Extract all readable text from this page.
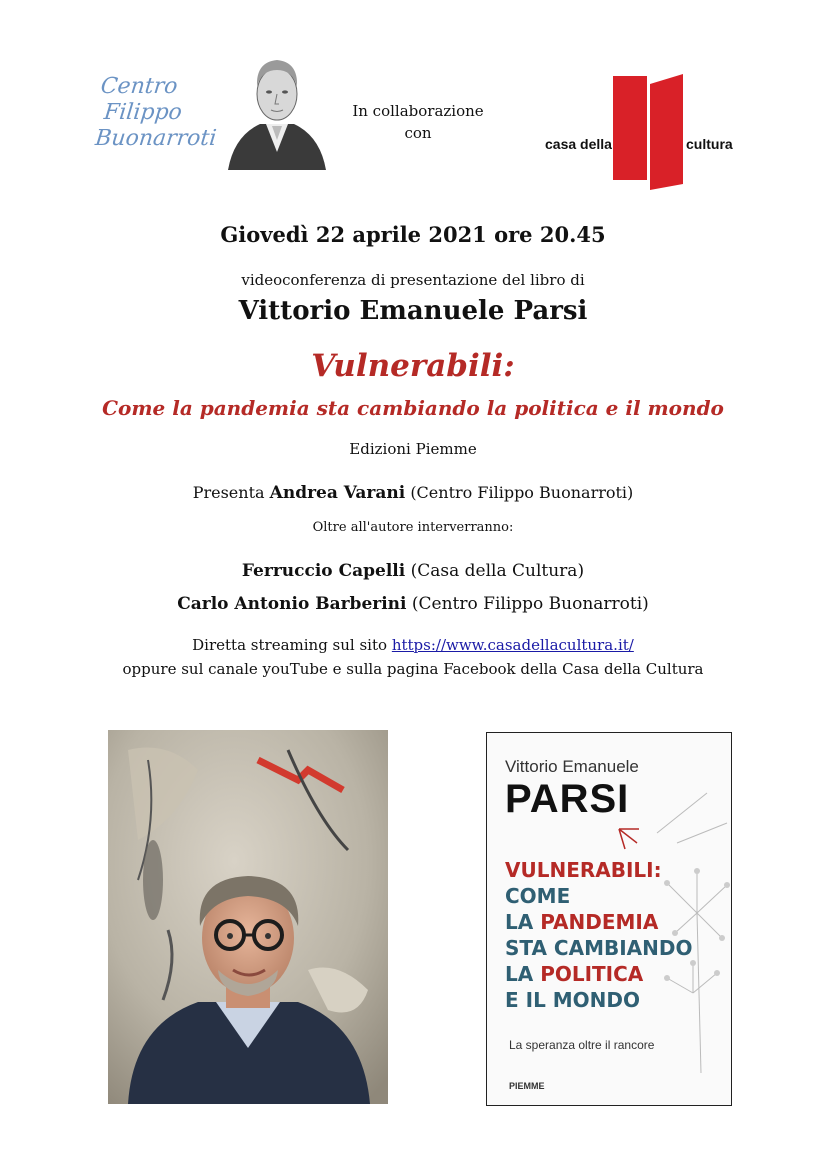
Centro
Filippo
Buonarroti
In collaborazione
con
casa della	cultura
Giovedì 22 aprile 2021 ore 20.45
videoconferenza di presentazione del libro di
Vittorio Emanuele Parsi
Vulnerabili:
Come la pandemia sta cambiando la politica e il mondo
Edizioni Piemme
Presenta Andrea Varani (Centro Filippo Buonarroti)
Oltre all'autore interverranno:
Ferruccio Capelli (Casa della Cultura)
Carlo Antonio Barberini (Centro Filippo Buonarroti)
Diretta streaming sul sito https://www.casadellacultura.it/
oppure sul canale youTube e sulla pagina Facebook della Casa della Cultura
Vittorio Emanuele
PARSI
VULNERABILI:
COME
LA PANDEMIA
STA CAMBIANDO
LA POLITICA
E IL MONDO
La speranza oltre il rancore
PIEMME
